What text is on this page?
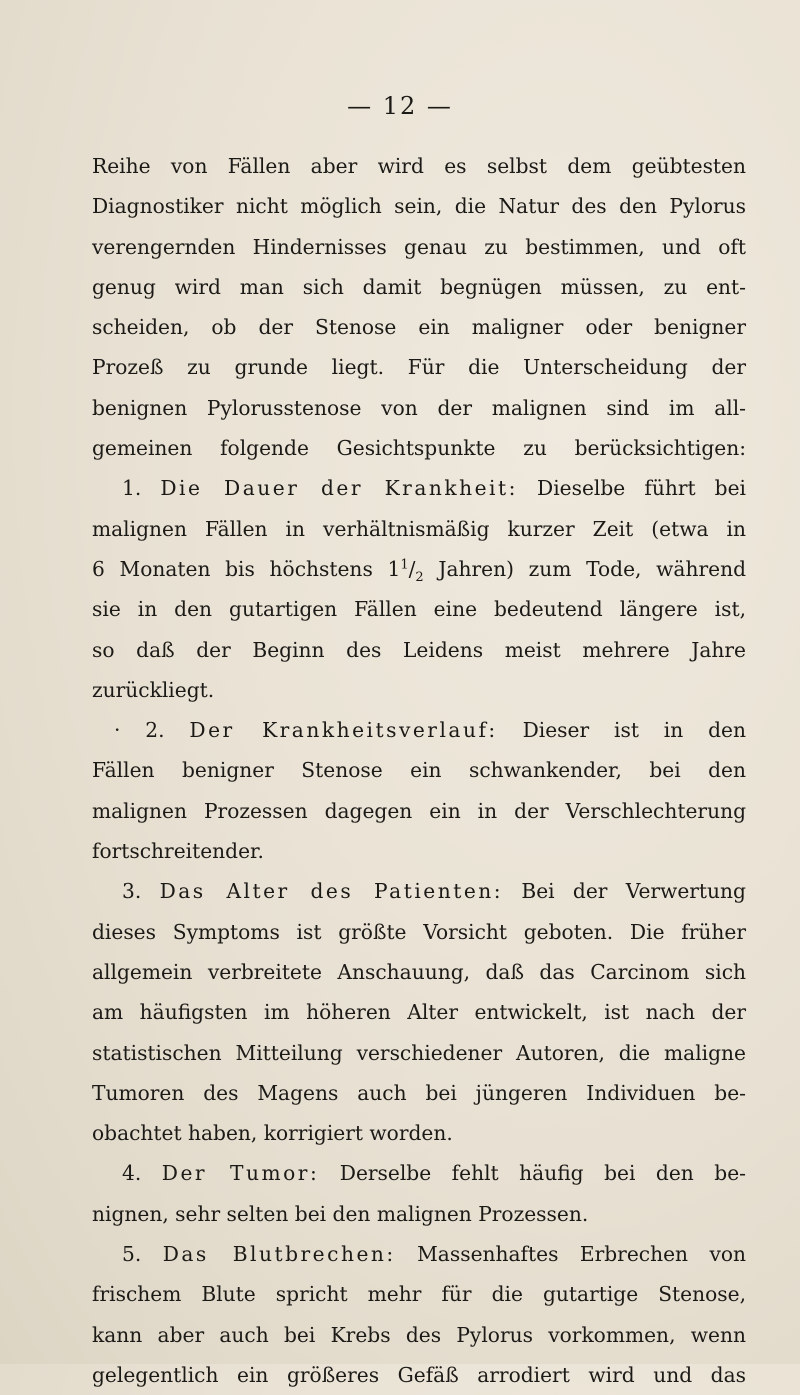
— 12 —
Reihe von Fällen aber wird es selbst dem geübtesten
Diagnostiker nicht möglich sein, die Natur des den Pylorus
verengernden Hindernisses genau zu bestimmen, und oft
genug wird man sich damit begnügen müssen, zu ent-
scheiden, ob der Stenose ein maligner oder benigner
Prozeß zu grunde liegt. Für die Unterscheidung der
benignen Pylorusstenose von der malignen sind im all-
gemeinen folgende Gesichtspunkte zu berücksichtigen:
1. Die Dauer der Krankheit: Dieselbe führt bei
malignen Fällen in verhältnismäßig kurzer Zeit (etwa in
6 Monaten bis höchstens $1^1/_2$ Jahren) zum Tode, während
sie in den gutartigen Fällen eine bedeutend längere ist,
so daß der Beginn des Leidens meist mehrere Jahre
zurückliegt.
· 2. Der Krankheitsverlauf: Dieser ist in den
Fällen benigner Stenose ein schwankender, bei den
malignen Prozessen dagegen ein in der Verschlechterung
fortschreitender.
3. Das Alter des Patienten: Bei der Verwertung
dieses Symptoms ist größte Vorsicht geboten. Die früher
allgemein verbreitete Anschauung, daß das Carcinom sich
am häufigsten im höheren Alter entwickelt, ist nach der
statistischen Mitteilung verschiedener Autoren, die maligne
Tumoren des Magens auch bei jüngeren Individuen be-
obachtet haben, korrigiert worden.
4. Der Tumor: Derselbe fehlt häufig bei den be-
nignen, sehr selten bei den malignen Prozessen.
5. Das Blutbrechen: Massenhaftes Erbrechen von
frischem Blute spricht mehr für die gutartige Stenose,
kann aber auch bei Krebs des Pylorus vorkommen, wenn
gelegentlich ein größeres Gefäß arrodiert wird und das
